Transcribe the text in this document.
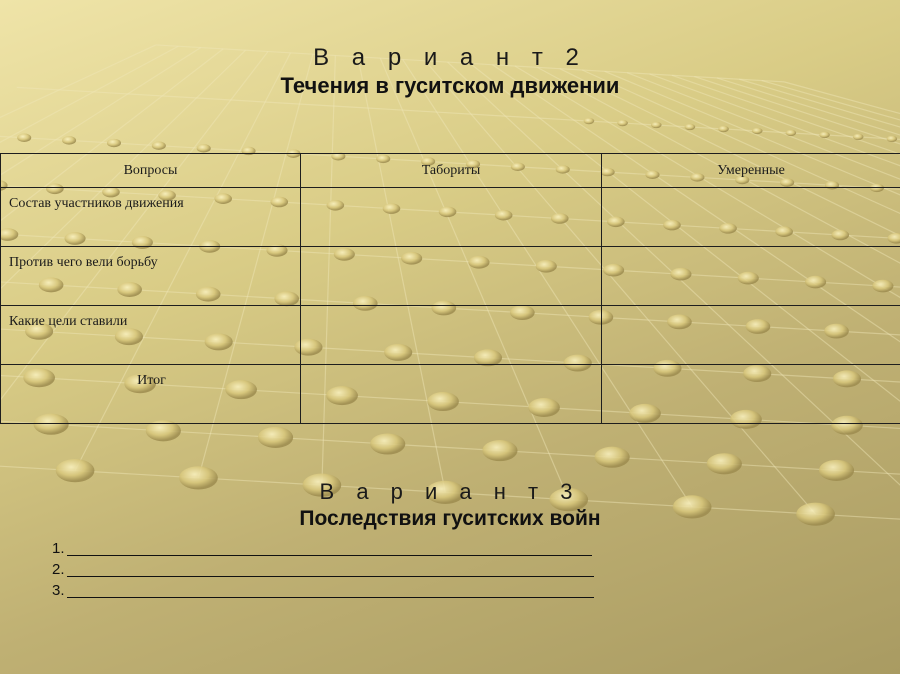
В а р и а н т 2
Течения в гуситском движении
Вопросы	Табориты	Умеренные
Состав участников движения		
Против чего вели борьбу		
Какие цели ставили		
Итог		
В а р и а н т 3
Последствия гуситских войн
1.
2.
3.
